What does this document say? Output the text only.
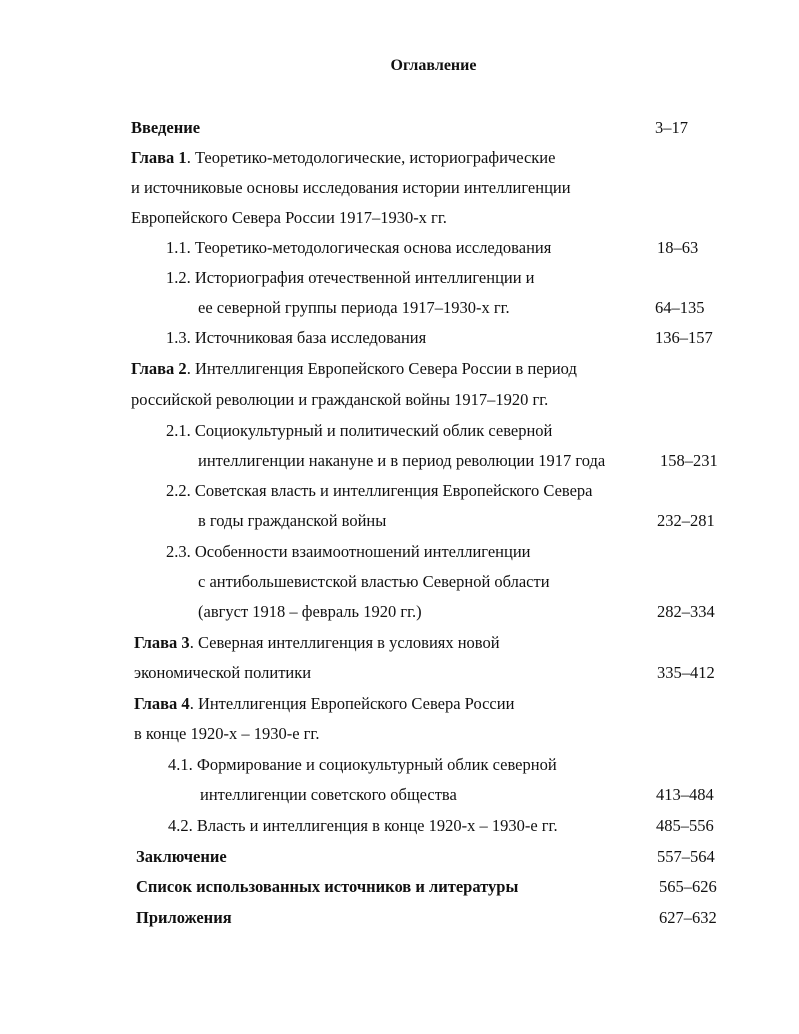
Оглавление
Введение	3–17
Глава 1. Теоретико-методологические, историографические
и источниковые основы исследования истории интеллигенции
Европейского Севера России 1917–1930-х гг.
1.1. Теоретико-методологическая основа исследования	18–63
1.2. Историография отечественной интеллигенции и
ее северной группы периода 1917–1930-х гг.	64–135
1.3. Источниковая база исследования	136–157
Глава 2. Интеллигенция Европейского Севера России в период
российской революции и гражданской войны 1917–1920 гг.
2.1. Социокультурный и политический облик северной
интеллигенции накануне и в период революции 1917 года	158–231
2.2. Советская власть и интеллигенция Европейского Севера
в годы гражданской войны	232–281
2.3. Особенности взаимоотношений интеллигенции
с антибольшевистской властью Северной области
(август 1918 – февраль 1920 гг.)	282–334
Глава 3. Северная интеллигенция в условиях новой
экономической политики	335–412
Глава 4. Интеллигенция Европейского Севера России
в конце 1920-х – 1930-е гг.
4.1. Формирование и социокультурный облик северной
интеллигенции советского общества	413–484
4.2. Власть и интеллигенция в конце 1920-х – 1930-е гг.	485–556
Заключение	557–564
Список использованных источников и литературы	565–626
Приложения	627–632
